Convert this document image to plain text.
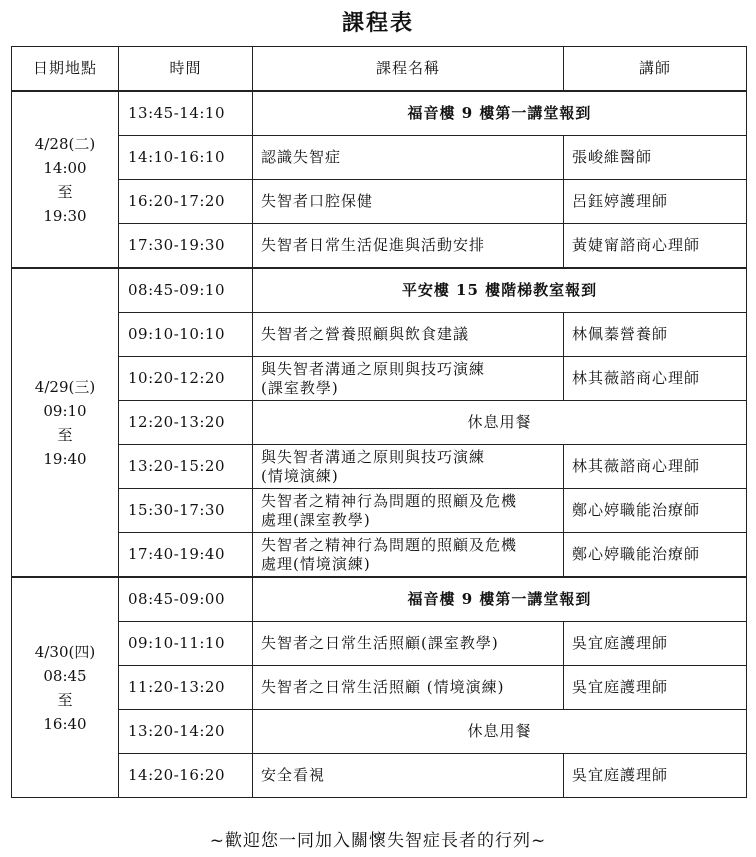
課程表
日期地點	時間	課程名稱	講師

4/28(二)
14:00
至
19:30	13:45-14:10	福音樓 9 樓第一講堂報到	
	14:10-16:10	認識失智症	張峻維醫師
	16:20-17:20	失智者口腔保健	呂鈺婷護理師
	17:30-19:30	失智者日常生活促進與活動安排	黃婕甯諮商心理師

4/29(三)
09:10
至
19:40	08:45-09:10	平安樓 15 樓階梯教室報到	
	09:10-10:10	失智者之營養照顧與飲食建議	林佩蓁營養師
	10:20-12:20	與失智者溝通之原則與技巧演練
(課室教學)	林其薇諮商心理師
	12:20-13:20	休息用餐	
	13:20-15:20	與失智者溝通之原則與技巧演練
(情境演練)	林其薇諮商心理師
	15:30-17:30	失智者之精神行為問題的照顧及危機
處理(課室教學)	鄭心婷職能治療師
	17:40-19:40	失智者之精神行為問題的照顧及危機
處理(情境演練)	鄭心婷職能治療師

4/30(四)
08:45
至
16:40	08:45-09:00	福音樓 9 樓第一講堂報到	
	09:10-11:10	失智者之日常生活照顧(課室教學)	吳宜庭護理師
	11:20-13:20	失智者之日常生活照顧 (情境演練)	吳宜庭護理師
	13:20-14:20	休息用餐	
	14:20-16:20	安全看視	吳宜庭護理師
~歡迎您一同加入關懷失智症長者的行列~
